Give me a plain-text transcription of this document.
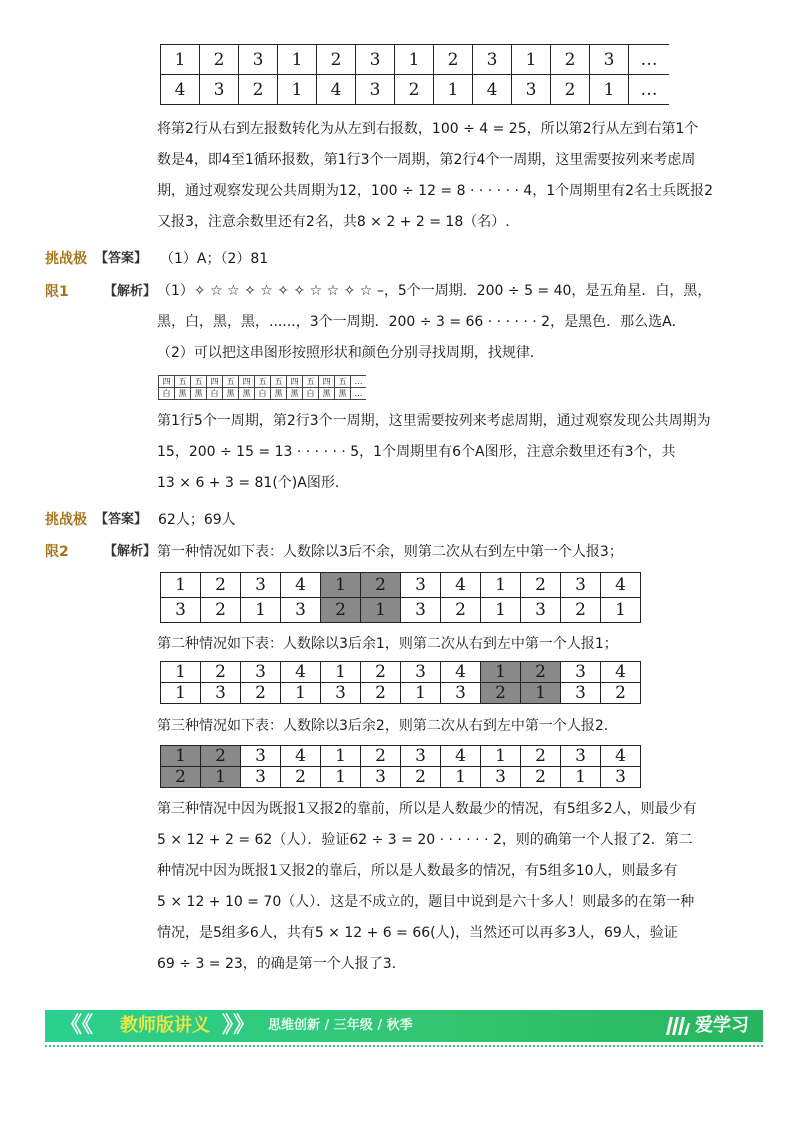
1	2	3	1	2	3	1	2	3	1	2	3	…
4	3	2	1	4	3	2	1	4	3	2	1	…
将第2行从右到左报数转化为从左到右报数，100 ÷ 4 = 25，所以第2行从左到右第1个
数是4，即4至1循环报数，第1行3个一周期，第2行4个一周期，这里需要按列来考虑周
期，通过观察发现公共周期为12，100 ÷ 12 = 8 · · · · · · 4，1个周期里有2名士兵既报2
又报3，注意余数里还有2名，共8 × 2 + 2 = 18（名）.
挑战极 【答案】 （1）A；（2）81
限1	【解析】 （1）✧ ☆ ☆ ✧ ☆ ✧ ✧ ☆ ☆ ✧ ☆ –，5个一周期．200 ÷ 5 = 40，是五角星．白，黑，
黑，白，黑，黑，......，3个一周期．200 ÷ 3 = 66 · · · · · · 2，是黑色．那么选A．
（2）可以把这串图形按照形状和颜色分别寻找周期，找规律．
四	五	五	四	五	四	五	五	四	五	四	五	…
白	黑	黑	白	黑	黑	白	黑	黑	白	黑	黑	…
第1行5个一周期，第2行3个一周期，这里需要按列来考虑周期，通过观察发现公共周期为
15，200 ÷ 15 = 13 · · · · · · 5，1个周期里有6个A图形，注意余数里还有3个，共
13 × 6 + 3 = 81(个)A图形．
挑战极 【答案】 62人；69人
限2	【解析】 第一种情况如下表：人数除以3后不余，则第二次从右到左中第一个人报3；
1	2	3	4	1	2	3	4	1	2	3	4
3	2	1	3	2	1	3	2	1	3	2	1
第二种情况如下表：人数除以3后余1，则第二次从右到左中第一个人报1；
1	2	3	4	1	2	3	4	1	2	3	4
1	3	2	1	3	2	1	3	2	1	3	2
第三种情况如下表：人数除以3后余2，则第二次从右到左中第一个人报2．
1	2	3	4	1	2	3	4	1	2	3	4
2	1	3	2	1	3	2	1	3	2	1	3
第三种情况中因为既报1又报2的靠前，所以是人数最少的情况，有5组多2人，则最少有
5 × 12 + 2 = 62（人）．验证62 ÷ 3 = 20 · · · · · · 2，则的确第一个人报了2．第二
种情况中因为既报1又报2的靠后，所以是人数最多的情况，有5组多10人，则最多有
5 × 12 + 10 = 70（人）．这是不成立的，题目中说到是六十多人！则最多的在第一种
情况，是5组多6人，共有5 × 12 + 6 = 66(人)，当然还可以再多3人，69人，验证
69 ÷ 3 = 23，的确是第一个人报了3．
《《 教师版讲义 》》 思维创新 / 三年级 / 秋季	爱学习
